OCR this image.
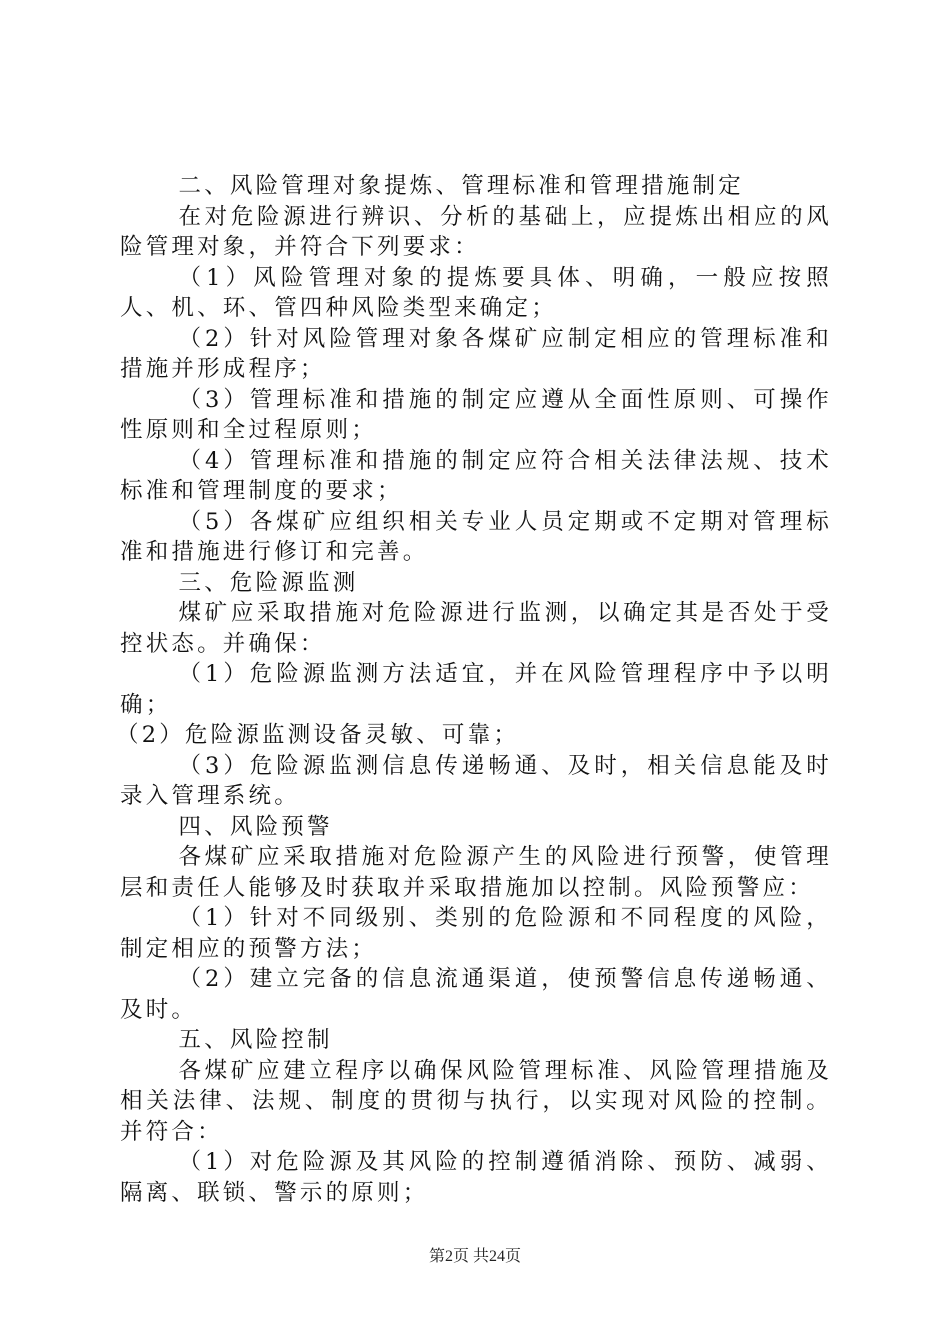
二、风险管理对象提炼、管理标准和管理措施制定

在对危险源进行辨识、分析的基础上，应提炼出相应的风险管理对象，并符合下列要求：

（1）风险管理对象的提炼要具体、明确，一般应按照人、机、环、管四种风险类型来确定；

（2）针对风险管理对象各煤矿应制定相应的管理标准和措施并形成程序；

（3）管理标准和措施的制定应遵从全面性原则、可操作性原则和全过程原则；

（4）管理标准和措施的制定应符合相关法律法规、技术标准和管理制度的要求；

（5）各煤矿应组织相关专业人员定期或不定期对管理标准和措施进行修订和完善。

三、危险源监测

煤矿应采取措施对危险源进行监测，以确定其是否处于受控状态。并确保：

（1）危险源监测方法适宜，并在风险管理程序中予以明确；

（2）危险源监测设备灵敏、可靠；

（3）危险源监测信息传递畅通、及时，相关信息能及时录入管理系统。

四、风险预警

各煤矿应采取措施对危险源产生的风险进行预警，使管理层和责任人能够及时获取并采取措施加以控制。风险预警应：

（1）针对不同级别、类别的危险源和不同程度的风险，制定相应的预警方法；

（2）建立完备的信息流通渠道，使预警信息传递畅通、及时。

五、风险控制

各煤矿应建立程序以确保风险管理标准、风险管理措施及相关法律、法规、制度的贯彻与执行，以实现对风险的控制。并符合：

（1）对危险源及其风险的控制遵循消除、预防、减弱、隔离、联锁、警示的原则；

第2页 共24页
